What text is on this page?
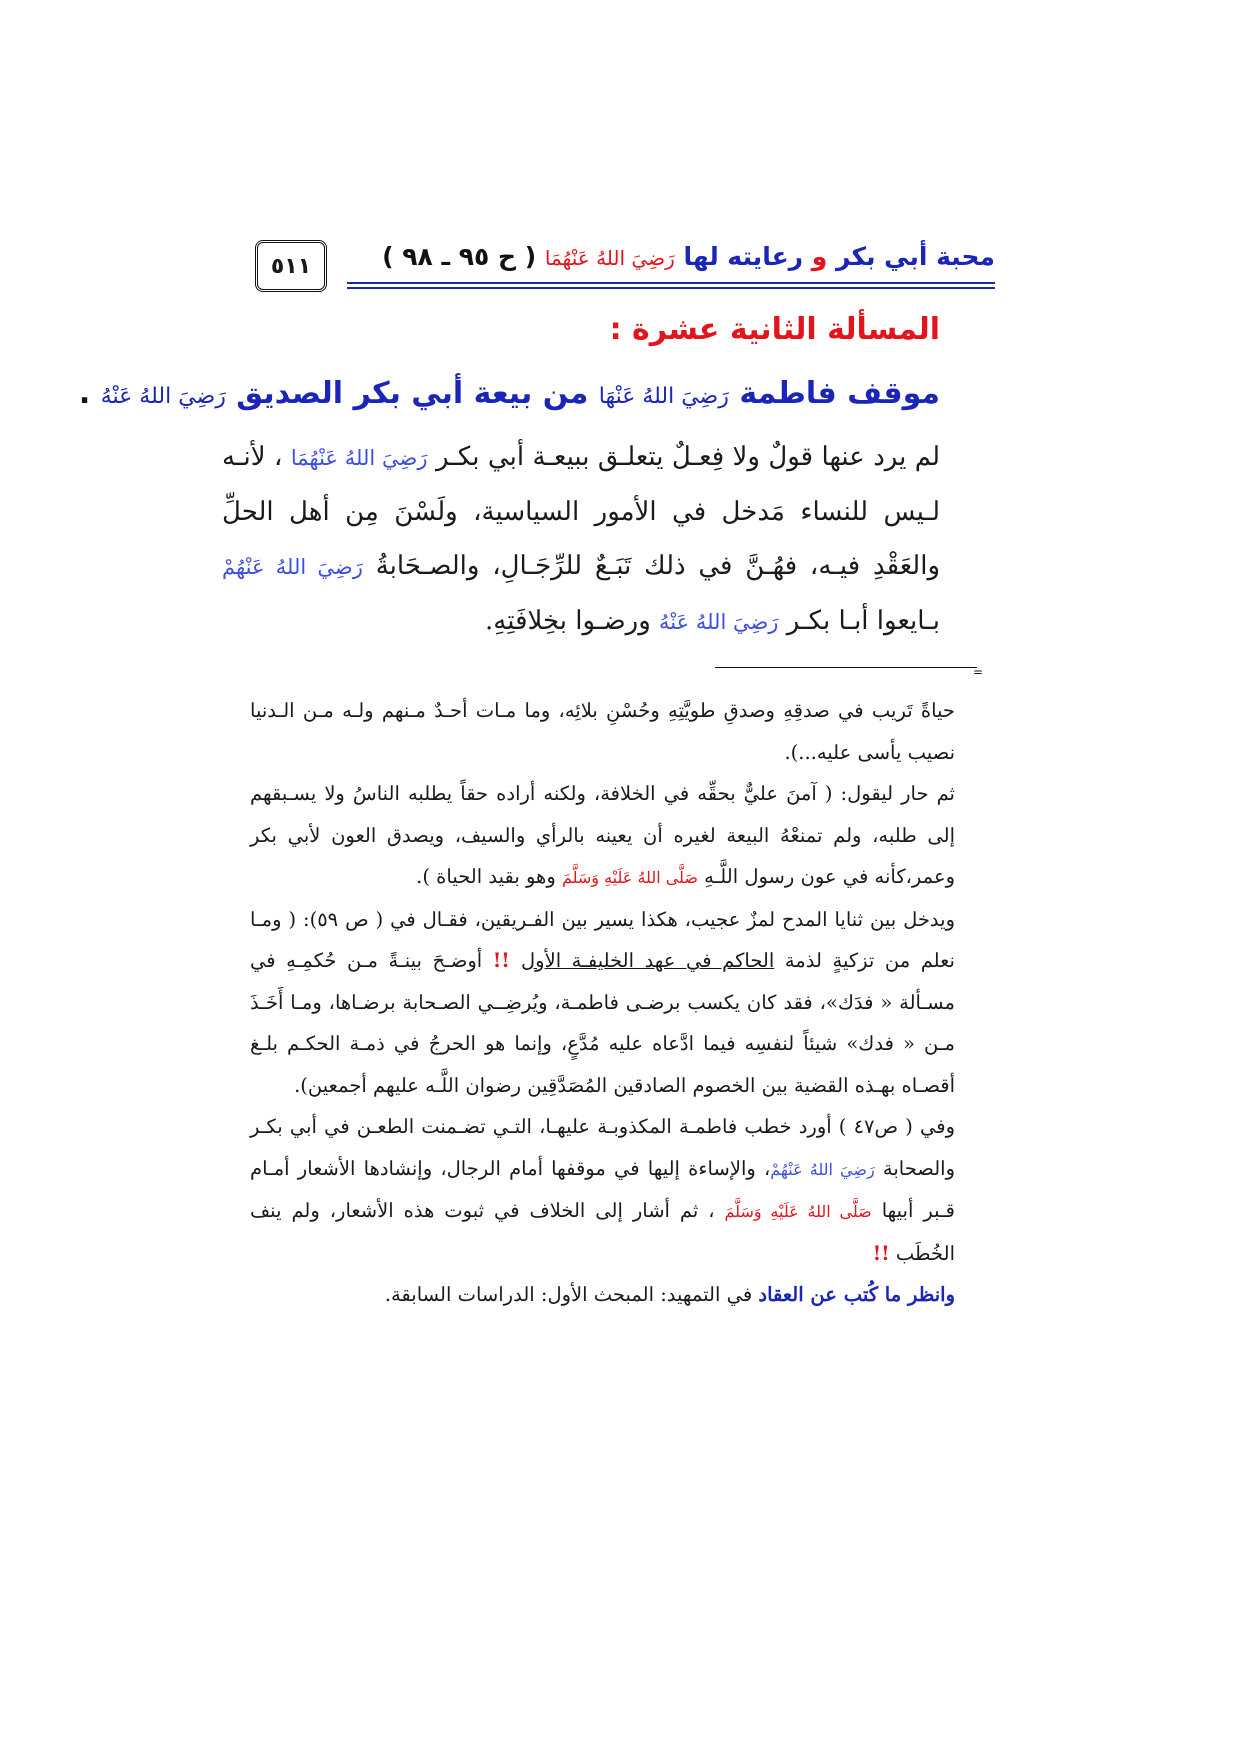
٥١١	محبة أبي بكر و رعايته لها رَضِيَ اللهُ عَنْهُمَا ( ح ٩٥ ـ ٩٨ )
المسألة الثانية عشرة :
موقف فاطمة رَضِيَ اللهُ عَنْهَا من بيعة أبي بكر الصديق رَضِيَ اللهُ عَنْهُ .
لم يرد عنها قولٌ ولا فِعـلٌ يتعلـق ببيعـة أبي بكـر رَضِيَ اللهُ عَنْهُمَا ، لأنـه لـيس للنساء مَدخل في الأمور السياسية، ولَسْنَ مِن أهل الحلِّ والعَقْدِ فيـه، فهُـنَّ في ذلك تَبَـعٌ للرِّجَـالِ، والصـحَابةُ رَضِيَ اللهُ عَنْهُمْ بـايعوا أبـا بكـر رَضِيَ اللهُ عَنْهُ ورضـوا بخِلافَتِهِ.
=

حياةً تَريب في صدقِهِ وصدقِ طويَّتِهِ وحُسْنِ بلائِه، وما مـات أحـدٌ مـنهم ولـه مـن الـدنيا نصيب يأسى عليه...).

ثم حار ليقول: ( آمنَ عليٌّ بحقِّه في الخلافة، ولكنه أراده حقاً يطلبه الناسُ ولا يسـبقهم إلى طلبه، ولم تمنعْهُ البيعة لغيره أن يعينه بالرأي والسيف، ويصدق العون لأبي بكر وعمر،كأنه في عون رسول اللَّـهِ صَلَّى اللهُ عَلَيْهِ وَسَلَّمَ وهو بقيد الحياة ).

ويدخل بين ثنايا المدح لمزٌ عجيب، هكذا يسير بين الفـريقين، فقـال في ( ص ٥٩): ( ومـا نعلم من تزكيةٍ لذمة الحاكم في عهد الخليفـة الأول !! أوضـحَ بينـةً مـن حُكمِـهِ في مسـألة « فدَك»، فقد كان يكسب برضـى فاطمـة، ويُرضِــي الصـحابة برضـاها، ومـا أَخَـذَ مـن « فدك» شيئاً لنفسِه فيما ادَّعاه عليه مُدَّعٍ، وإنما هو الحرجُ في ذمـة الحكـم بلـغ أقصـاه بهـذه القضية بين الخصوم الصادقين المُصَدَّقِين رضوان اللَّـه عليهم أجمعين).

وفي ( ص٤٧ ) أورد خطب فاطمـة المكذوبـة عليهـا، التـي تضـمنت الطعـن في أبي بكـر والصحابة رَضِيَ اللهُ عَنْهُمْ، والإساءة إليها في موقفها أمام الرجال، وإنشادها الأشعار أمـام قـبر أبيها صَلَّى اللهُ عَلَيْهِ وَسَلَّمَ ، ثم أشار إلى الخلاف في ثبوت هذه الأشعار، ولم ينف الخُطَب !!

وانظر ما كُتب عن العقاد في التمهيد: المبحث الأول: الدراسات السابقة.
